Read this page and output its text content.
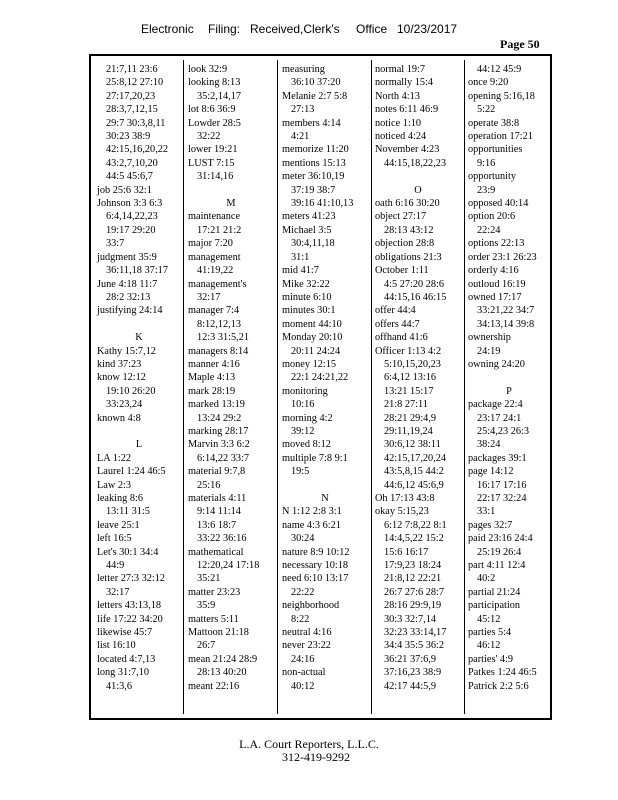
Electronic Filing: Received,Clerk's Office 10/23/2017
Page 50
21:7,11 23:6
25:8,12 27:10
27:17,20,23
28:3,7,12,15
29:7 30:3,8,11
30:23 38:9
42:15,16,20,22
43:2,7,10,20
44:5 45:6,7
job 25:6 32:1
Johnson 3:3 6:3
6:4,14,22,23
19:17 29:20
33:7
judgment 35:9
36:11,18 37:17
June 4:18 11:7
28:2 32:13
justifying 24:14

K
Kathy 15:7,12
kind 37:23
know 12:12
19:10 26:20
33:23,24
known 4:8

L
LA 1:22
Laurel 1:24 46:5
Law 2:3
leaking 8:6
13:11 31:5
leave 25:1
left 16:5
Let's 30:1 34:4
44:9
letter 27:3 32:12
32:17
letters 43:13,18
life 17:22 34:20
likewise 45:7
list 16:10
located 4:7,13
long 31:7,10
41:3,6
look 32:9
looking 8:13
35:2,14,17
lot 8:6 36:9
Lowder 28:5
32:22
lower 19:21
LUST 7:15
31:14,16

M
maintenance
17:21 21:2
major 7:20
management
41:19,22
management's
32:17
manager 7:4
8:12,12,13
12:3 31:5,21
managers 8:14
manner 4:16
Maple 4:13
mark 28:19
marked 13:19
13:24 29:2
marking 28:17
Marvin 3:3 6:2
6:14,22 33:7
material 9:7,8
25:16
materials 4:11
9:14 11:14
13:6 18:7
33:22 36:16
mathematical
12:20,24 17:18
35:21
matter 23:23
35:9
matters 5:11
Mattoon 21:18
26:7
mean 21:24 28:9
28:13 40:20
meant 22:16
measuring
36:10 37:20
Melanie 2:7 5:8
27:13
members 4:14
4:21
memorize 11:20
mentions 15:13
meter 36:10,19
37:19 38:7
39:16 41:10,13
meters 41:23
Michael 3:5
30:4,11,18
31:1
mid 41:7
Mike 32:22
minute 6:10
minutes 30:1
moment 44:10
Monday 20:10
20:11 24:24
money 12:15
22:1 24:21,22
monitoring
10:16
morning 4:2
39:12
moved 8:12
multiple 7:8 9:1
19:5

N
N 1:12 2:8 3:1
name 4:3 6:21
30:24
nature 8:9 10:12
necessary 10:18
need 6:10 13:17
22:22
neighborhood
8:22
neutral 4:16
never 23:22
24:16
non-actual
40:12
normal 19:7
normally 15:4
North 4:13
notes 6:11 46:9
notice 1:10
noticed 4:24
November 4:23
44:15,18,22,23

O
oath 6:16 30:20
object 27:17
28:13 43:12
objection 28:8
obligations 21:3
October 1:11
4:5 27:20 28:6
44:15,16 46:15
offer 44:4
offers 44:7
offhand 41:6
Officer 1:13 4:2
5:10,15,20,23
6:4,12 13:16
13:21 15:17
21:8 27:11
28:21 29:4,9
29:11,19,24
30:6,12 38:11
42:15,17,20,24
43:5,8,15 44:2
44:6,12 45:6,9
Oh 17:13 43:8
okay 5:15,23
6:12 7:8,22 8:1
14:4,5,22 15:2
15:6 16:17
17:9,23 18:24
21:8,12 22:21
26:7 27:6 28:7
28:16 29:9,19
30:3 32:7,14
32:23 33:14,17
34:4 35:5 36:2
36:21 37:6,9
37:16,23 38:9
42:17 44:5,9
44:12 45:9
once 9:20
opening 5:16,18
5:22
operate 38:8
operation 17:21
opportunities
9:16
opportunity
23:9
opposed 40:14
option 20:6
22:24
options 22:13
order 23:1 26:23
orderly 4:16
outloud 16:19
owned 17:17
33:21,22 34:7
34:13,14 39:8
ownership
24:19
owning 24:20

P
package 22:4
23:17 24:1
25:4,23 26:3
38:24
packages 39:1
page 14:12
16:17 17:16
22:17 32:24
33:1
pages 32:7
paid 23:16 24:4
25:19 26:4
part 4:11 12:4
40:2
partial 21:24
participation
45:12
parties 5:4
46:12
parties' 4:9
Patkes 1:24 46:5
Patrick 2:2 5:6
L.A. Court Reporters, L.L.C.
312-419-9292
